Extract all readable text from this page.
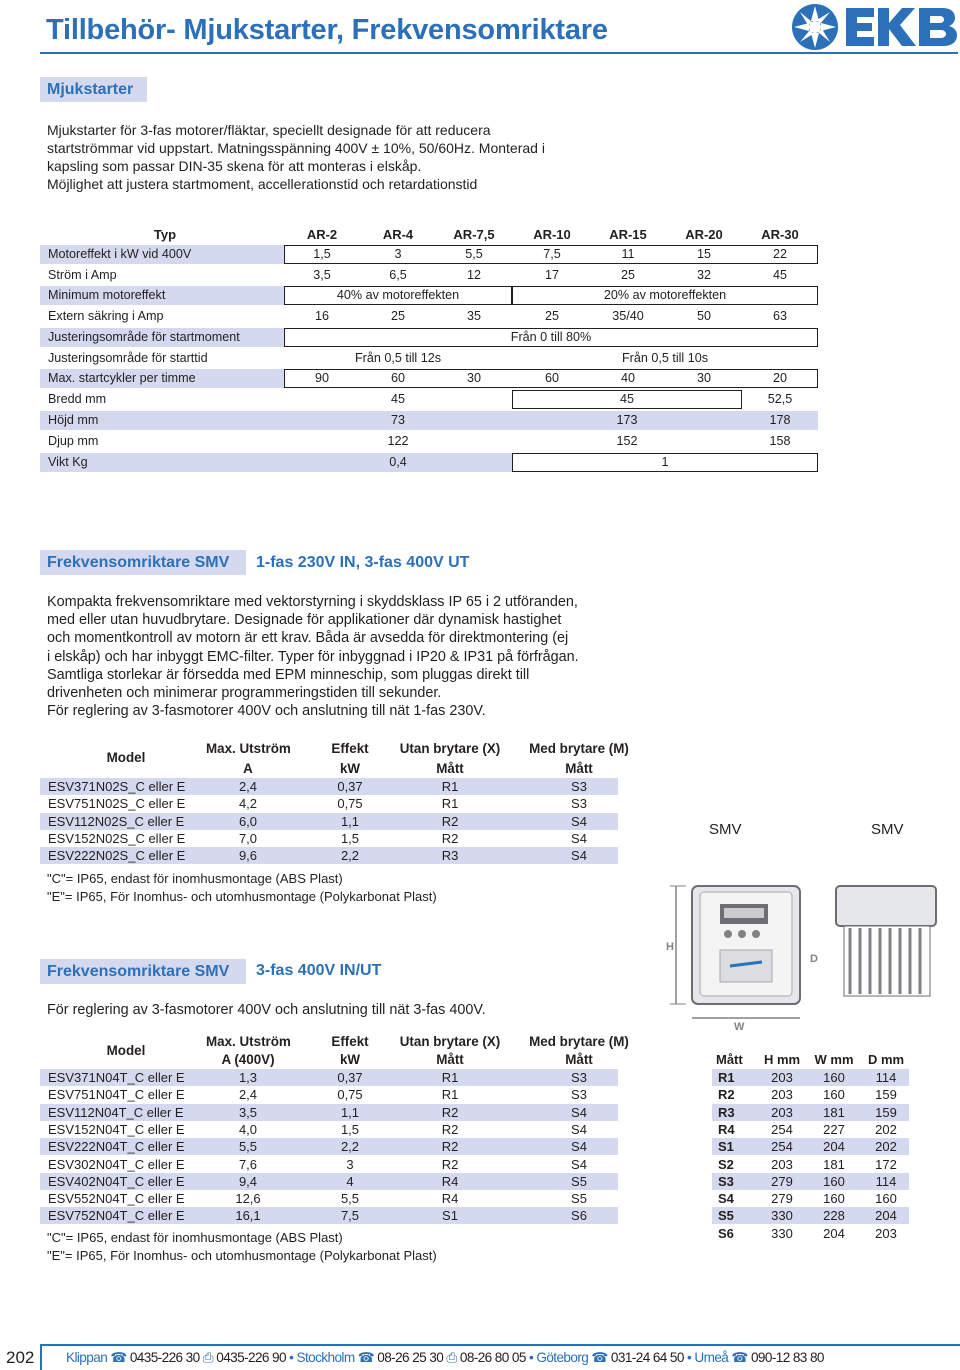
Tillbehör- Mjukstarter, Frekvensomriktare
Mjukstarter
Mjukstarter för 3-fas motorer/fläktar, speciellt designade för att reducera
startströmmar vid uppstart. Matningsspänning 400V ± 10%, 50/60Hz. Monterad i
kapsling som passar DIN-35 skena för att monteras i elskåp.
Möjlighet att justera startmoment, accellerationstid och retardationstid
Typ	AR-2	AR-4	AR-7,5	AR-10	AR-15	AR-20	AR-30
Motoreffekt i kW vid 400V	1,5	3	5,5	7,5	11	15	22
Ström i Amp	3,5	6,5	12	17	25	32	45
Minimum motoreffekt	40% av motoreffekten	20% av motoreffekten
Extern säkring i Amp	16	25	35	25	35/40	50	63
Justeringsområde för startmoment	Från 0 till 80%
Justeringsområde för starttid	Från 0,5 till 12s	Från 0,5 till 10s
Max. startcykler per timme	90	60	30	60	40	30	20
Bredd mm	45	45	52,5
Höjd mm	73	173	178
Djup mm	122	152	158
Vikt Kg	0,4	1
Frekvensomriktare SMV	1-fas 230V IN, 3-fas 400V UT
Kompakta frekvensomriktare med vektorstyrning i skyddsklass IP 65 i 2 utföranden,
med eller utan huvudbrytare. Designade för applikationer där dynamisk hastighet
och momentkontroll av motorn är ett krav. Båda är avsedda för direktmontering (ej
i elskåp) och har inbyggt EMC-filter. Typer för inbyggnad i IP20 & IP31 på förfrågan.
Samtliga storlekar är försedda med EPM minneschip, som pluggas direkt till
drivenheten och minimerar programmeringstiden till sekunder.
För reglering av 3-fasmotorer 400V och anslutning till nät 1-fas 230V.
Model
Max. Utström
A
Effekt
kW
Utan brytare (X)
Mått
Med brytare (M)
Mått
ESV371N02S_C eller E	2,4	0,37	R1	S3
ESV751N02S_C eller E	4,2	0,75	R1	S3
ESV112N02S_C eller E	6,0	1,1	R2	S4
ESV152N02S_C eller E	7,0	1,5	R2	S4
ESV222N02S_C eller E	9,6	2,2	R3	S4
"C"= IP65, endast för inomhusmontage (ABS Plast)
"E"= IP65, För Inomhus- och utomhusmontage (Polykarbonat Plast)
SMV	SMV
H
W
D
Frekvensomriktare SMV	3-fas 400V IN/UT
För reglering av 3-fasmotorer 400V och anslutning till nät 3-fas 400V.
Model
Max. Utström
A (400V)
Effekt
kW
Utan brytare (X)
Mått
Med brytare (M)
Mått
ESV371N04T_C eller E	1,3	0,37	R1	S3
ESV751N04T_C eller E	2,4	0,75	R1	S3
ESV112N04T_C eller E	3,5	1,1	R2	S4
ESV152N04T_C eller E	4,0	1,5	R2	S4
ESV222N04T_C eller E	5,5	2,2	R2	S4
ESV302N04T_C eller E	7,6	3	R2	S4
ESV402N04T_C eller E	9,4	4	R4	S5
ESV552N04T_C eller E	12,6	5,5	R4	S5
ESV752N04T_C eller E	16,1	7,5	S1	S6
"C"= IP65, endast för inomhusmontage (ABS Plast)
"E"= IP65, För Inomhus- och utomhusmontage (Polykarbonat Plast)
Mått	H mm	W mm	D mm
R1	203	160	114
R2	203	160	159
R3	203	181	159
R4	254	227	202
S1	254	204	202
S2	203	181	172
S3	279	160	114
S4	279	160	160
S5	330	228	204
S6	330	204	203
202 Klippan ☎ 0435-226 30 ⎙ 0435-226 90 • Stockholm ☎ 08-26 25 30 ⎙ 08-26 80 05 • Göteborg ☎ 031-24 64 50 • Umeå ☎ 090-12 83 80
